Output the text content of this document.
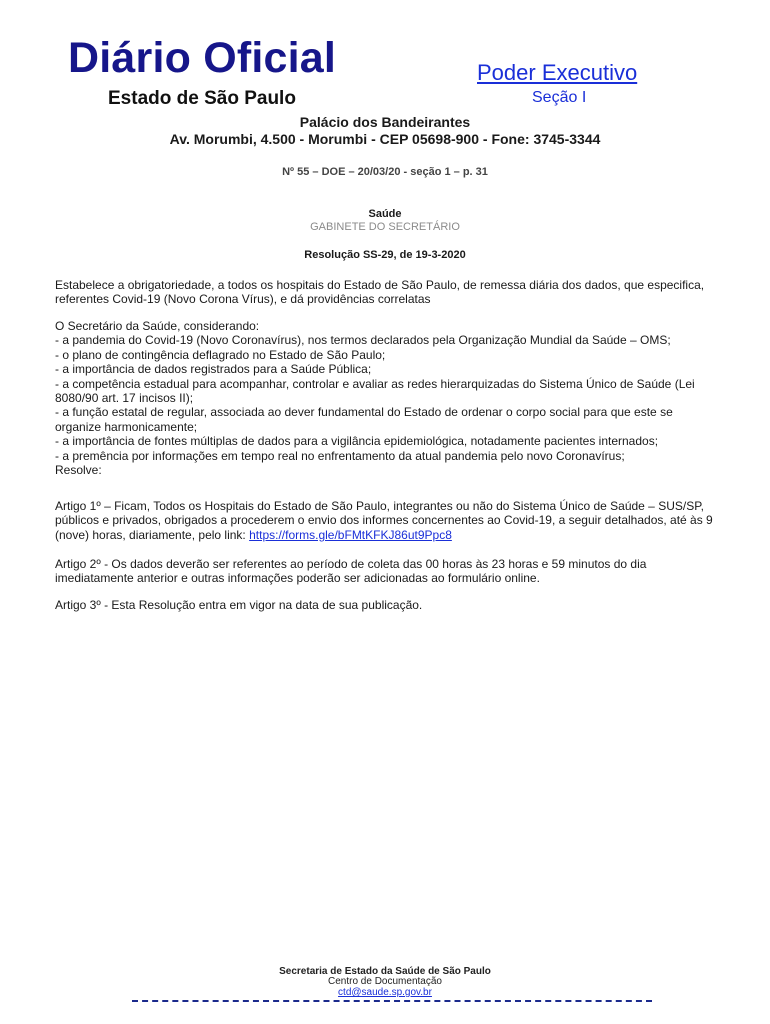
Diário Oficial
Estado de São Paulo
Poder Executivo
Seção I
Palácio dos Bandeirantes
Av. Morumbi, 4.500 - Morumbi - CEP 05698-900 - Fone: 3745-3344
Nº 55 – DOE – 20/03/20 - seção 1 – p. 31
Saúde
GABINETE DO SECRETÁRIO
Resolução SS-29, de 19-3-2020

Estabelece a obrigatoriedade, a todos os hospitais do Estado de São Paulo, de remessa diária dos dados, que especifica, referentes Covid-19 (Novo Corona Vírus), e dá providências correlatas

O Secretário da Saúde, considerando:
- a pandemia do Covid-19 (Novo Coronavírus), nos termos declarados pela Organização Mundial da Saúde – OMS;
- o plano de contingência deflagrado no Estado de São Paulo;
- a importância de dados registrados para a Saúde Pública;
- a competência estadual para acompanhar, controlar e avaliar as redes hierarquizadas do Sistema Único de Saúde (Lei 8080/90 art. 17 incisos II);
- a função estatal de regular, associada ao dever fundamental do Estado de ordenar o corpo social para que este se organize harmonicamente;
- a importância de fontes múltiplas de dados para a vigilância epidemiológica, notadamente pacientes internados;
- a premência por informações em tempo real no enfrentamento da atual pandemia pelo novo Coronavírus;
Resolve:

Artigo 1º – Ficam, Todos os Hospitais do Estado de São Paulo, integrantes ou não do Sistema Único de Saúde – SUS/SP, públicos e privados, obrigados a procederem o envio dos informes concernentes ao Covid-19, a seguir detalhados, até às 9 (nove) horas, diariamente, pelo link: https://forms.gle/bFMtKFKJ86ut9Ppc8

Artigo 2º - Os dados deverão ser referentes ao período de coleta das 00 horas às 23 horas e 59 minutos do dia imediatamente anterior e outras informações poderão ser adicionadas ao formulário online.

Artigo 3º - Esta Resolução entra em vigor na data de sua publicação.

Secretaria de Estado da Saúde de São Paulo
Centro de Documentação
ctd@saude.sp.gov.br
